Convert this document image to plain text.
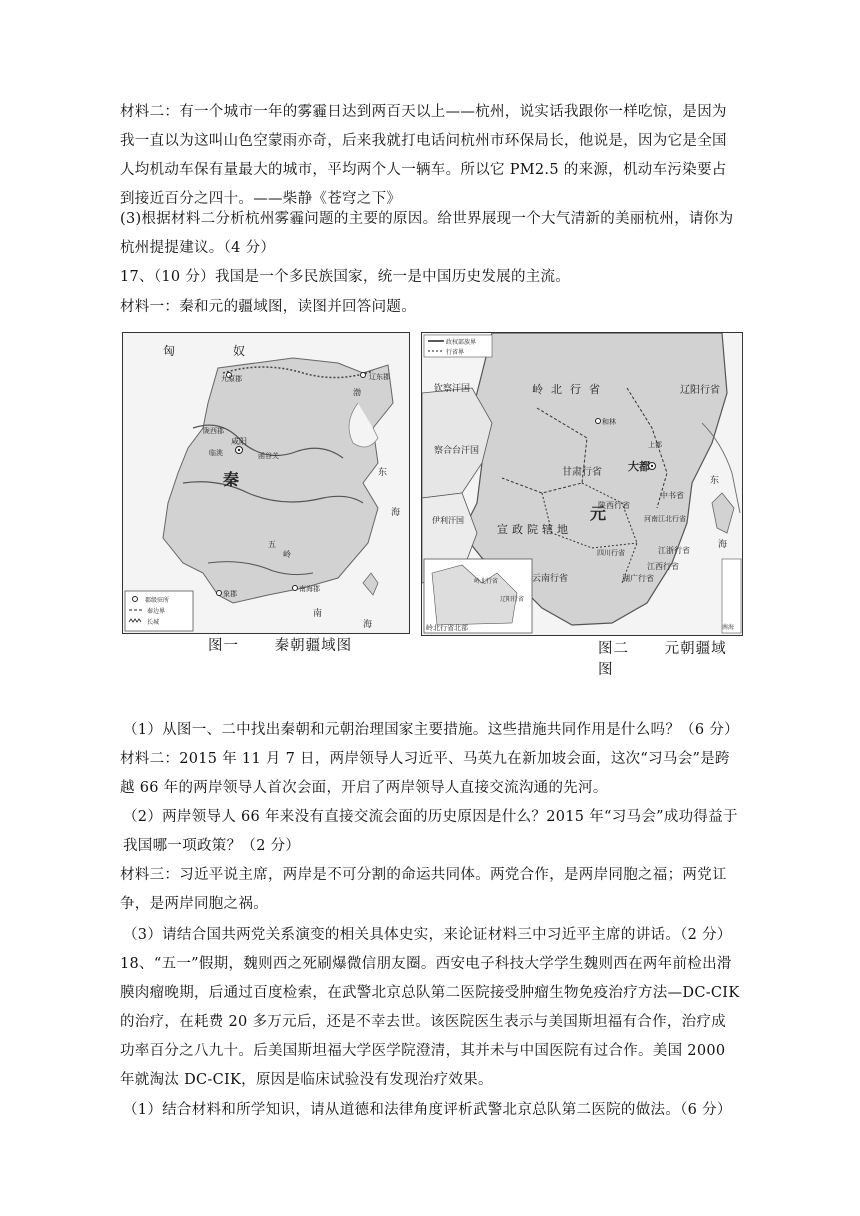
材料二：有一个城市一年的雾霾日达到两百天以上——杭州，说实话我跟你一样吃惊，是因为我一直以为这叫山色空蒙雨亦奇，后来我就打电话问杭州市环保局长，他说是，因为它是全国人均机动车保有量最大的城市，平均两个人一辆车。所以它 PM2.5 的来源，机动车污染要占到接近百分之四十。——柴静《苍穹之下》

(3)根据材料二分析杭州雾霾问题的主要的原因。给世界展现一个大气清新的美丽杭州，请你为杭州提提建议。（4 分）

17、（10 分）我国是一个多民族国家，统一是中国历史发展的主流。

材料一：秦和元的疆域图，读图并回答问题。

匈	奴
九原郡	辽东郡
咸阳
临洮
陇西郡
函谷关
秦
五
岭
南海郡
象郡
渤
东
海
南
海
郡级驻所
秦边界
长城
政权部族界
行省界
钦察汗国
察合台汗国
伊利汗国
岭北行省	辽阳行省
和林
上都
大都
中书省
甘肃行省
陕西行省
河南江北行省
元
宣政院辖地
四川行省
云南行省	湖广行省
江浙行省
江西行省
东
海
南海
岭北行省
辽阳行省
岭北行省北部
图一 秦朝疆域图	图二 元朝疆域图

（1）从图一、二中找出秦朝和元朝治理国家主要措施。这些措施共同作用是什么吗？（6 分）

材料二：2015 年 11 月 7 日，两岸领导人习近平、马英九在新加坡会面，这次“习马会”是跨越 66 年的两岸领导人首次会面，开启了两岸领导人直接交流沟通的先河。

（2）两岸领导人 66 年来没有直接交流会面的历史原因是什么？2015 年“习马会”成功得益于我国哪一项政策？（2 分）

材料三：习近平说主席，两岸是不可分割的命运共同体。两党合作，是两岸同胞之福；两党讧争，是两岸同胞之祸。

（3）请结合国共两党关系演变的相关具体史实，来论证材料三中习近平主席的讲话。（2 分）

18、“五一”假期，魏则西之死刷爆微信朋友圈。西安电子科技大学学生魏则西在两年前检出滑膜肉瘤晚期，后通过百度检索，在武警北京总队第二医院接受肿瘤生物免疫治疗方法—DC-CIK 的治疗，在耗费 20 多万元后，还是不幸去世。该医院医生表示与美国斯坦福有合作，治疗成功率百分之八九十。后美国斯坦福大学医学院澄清，其并未与中国医院有过合作。美国 2000 年就淘汰 DC-CIK，原因是临床试验没有发现治疗效果。

（1）结合材料和所学知识，请从道德和法律角度评析武警北京总队第二医院的做法。（6 分）
